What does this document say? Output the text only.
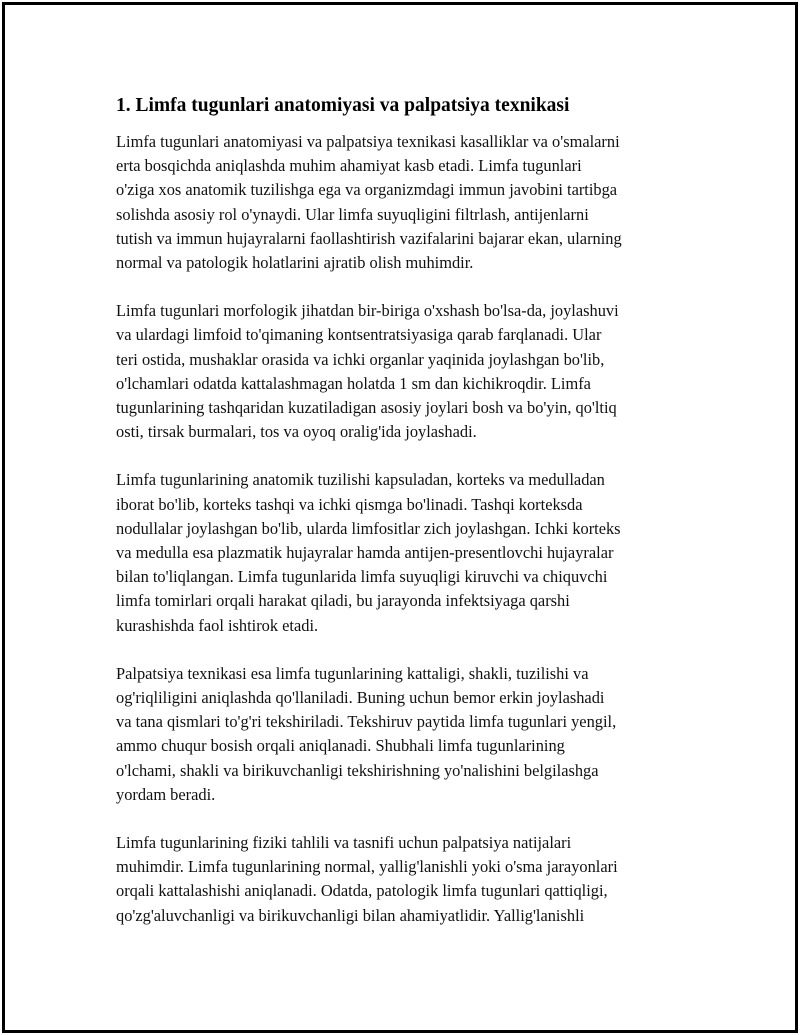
1. Limfa tugunlari anatomiyasi va palpatsiya texnikasi

Limfa tugunlari anatomiyasi va palpatsiya texnikasi kasalliklar va o'smalarni
erta bosqichda aniqlashda muhim ahamiyat kasb etadi. Limfa tugunlari
o'ziga xos anatomik tuzilishga ega va organizmdagi immun javobini tartibga
solishda asosiy rol o'ynaydi. Ular limfa suyuqligini filtrlash, antijenlarni
tutish va immun hujayralarni faollashtirish vazifalarini bajarar ekan, ularning
normal va patologik holatlarini ajratib olish muhimdir.

Limfa tugunlari morfologik jihatdan bir-biriga o'xshash bo'lsa-da, joylashuvi
va ulardagi limfoid to'qimaning kontsentratsiyasiga qarab farqlanadi. Ular
teri ostida, mushaklar orasida va ichki organlar yaqinida joylashgan bo'lib,
o'lchamlari odatda kattalashmagan holatda 1 sm dan kichikroqdir. Limfa
tugunlarining tashqaridan kuzatiladigan asosiy joylari bosh va bo'yin, qo'ltiq
osti, tirsak burmalari, tos va oyoq oralig'ida joylashadi.

Limfa tugunlarining anatomik tuzilishi kapsuladan, korteks va medulladan
iborat bo'lib, korteks tashqi va ichki qismga bo'linadi. Tashqi korteksda
nodullalar joylashgan bo'lib, ularda limfositlar zich joylashgan. Ichki korteks
va medulla esa plazmatik hujayralar hamda antijen-presentlovchi hujayralar
bilan to'liqlangan. Limfa tugunlarida limfa suyuqligi kiruvchi va chiquvchi
limfa tomirlari orqali harakat qiladi, bu jarayonda infektsiyaga qarshi
kurashishda faol ishtirok etadi.

Palpatsiya texnikasi esa limfa tugunlarining kattaligi, shakli, tuzilishi va
og'riqliligini aniqlashda qo'llaniladi. Buning uchun bemor erkin joylashadi
va tana qismlari to'g'ri tekshiriladi. Tekshiruv paytida limfa tugunlari yengil,
ammo chuqur bosish orqali aniqlanadi. Shubhali limfa tugunlarining
o'lchami, shakli va birikuvchanligi tekshirishning yo'nalishini belgilashga
yordam beradi.

Limfa tugunlarining fiziki tahlili va tasnifi uchun palpatsiya natijalari
muhimdir. Limfa tugunlarining normal, yallig'lanishli yoki o'sma jarayonlari
orqali kattalashishi aniqlanadi. Odatda, patologik limfa tugunlari qattiqligi,
qo'zg'aluvchanligi va birikuvchanligi bilan ahamiyatlidir. Yallig'lanishli
